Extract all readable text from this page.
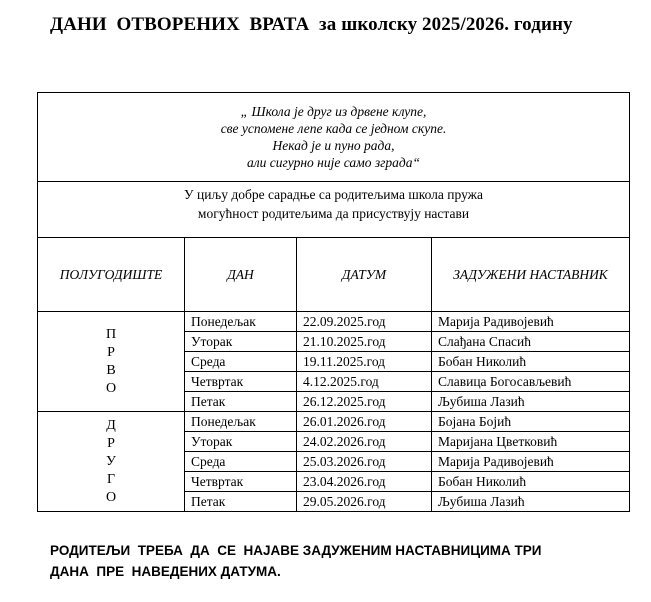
ДАНИ  ОТВОРЕНИХ  ВРАТА  за школску 2025/2026. годину
„ Школа је друг из дрвене клупе,
све успомене лепе када се једном скупе.
Некад је и пуно рада,
али сигурно није само зграда“			

У циљу добре сарадње са родитељима школа пружа
могућност родитељима да присуствују настави			

ПОЛУГОДИШТЕ	ДАН	ДАТУМ	ЗАДУЖЕНИ НАСТАВНИК

П
Р
В
О	Понедељак	22.09.2025.год	Марија Радивојевић
	Уторак	21.10.2025.год	Слађана Спасић
	Среда	19.11.2025.год	Бобан Николић
	Четвртак	4.12.2025.год	Славица Богосављевић
	Петак	26.12.2025.год	Љубиша Лазић

Д
Р
У
Г
О	Понедељак	26.01.2026.год	Бојана Бојић
	Уторак	24.02.2026.год	Маријана Цветковић
	Среда	25.03.2026.год	Марија Радивојевић
	Четвртак	23.04.2026.год	Бобан Николић
	Петак	29.05.2026.год	Љубиша Лазић
РОДИТЕЉИ  ТРЕБА  ДА  СЕ  НАЈАВЕ ЗАДУЖЕНИМ НАСТАВНИЦИМА ТРИ
ДАНА  ПРЕ  НАВЕДЕНИХ ДАТУМА.
